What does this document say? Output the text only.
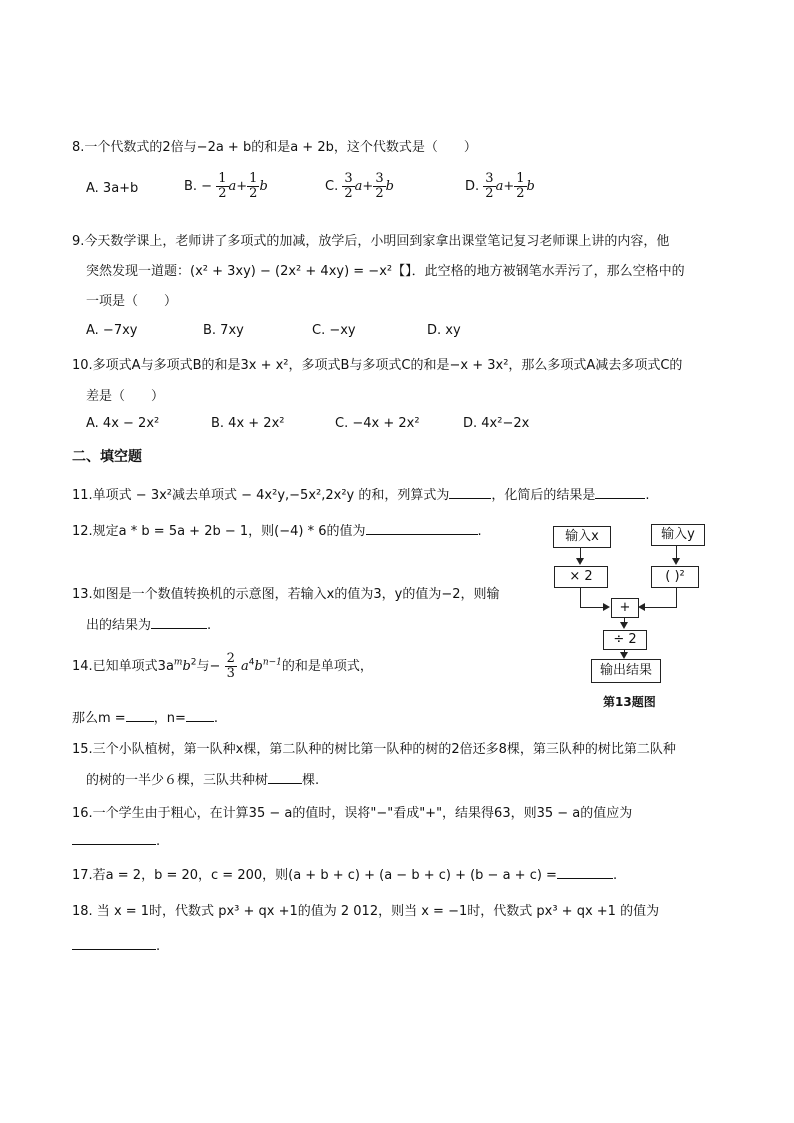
8.一个代数式的2倍与−2a + b的和是a + 2b，这个代数式是（　　）
A. 3a+b	B. − $\frac{1}{2} a+ \frac{1}{2}$ b	C. $\frac{3}{2} a+ \frac{3}{2}$ b	D. $\frac{3}{2} a+ \frac{1}{2}$ b
9.今天数学课上，老师讲了多项式的加减，放学后，小明回到家拿出课堂笔记复习老师课上讲的内容，他
突然发现一道题：(x² + 3xy) − (2x² + 4xy) = −x²【】．此空格的地方被钢笔水弄污了，那么空格中的
一项是（　　）
A. −7xy	B. 7xy	C. −xy	D. xy
10.多项式A与多项式B的和是3x + x²，多项式B与多项式C的和是−x + 3x²，那么多项式A减去多项式C的
差是（　　）
A. 4x − 2x²	B. 4x + 2x²	C. −4x + 2x²	D. 4x²−2x
二、填空题
11.单项式 − 3x²减去单项式 − 4x²y,−5x²,2x²y 的和，列算式为	，化简后的结果是	.
12.规定a * b = 5a + 2b − 1，则(−4) * 6的值为	.
13.如图是一个数值转换机的示意图，若输入x的值为3，y的值为−2，则输
出的结果为	.
14.已知单项式$3a^mb^2$与− $\frac{2}{3} a^4b^{n-1}$的和是单项式，
那么m = ，n= .
15.三个小队植树，第一队种x棵，第二队种的树比第一队种的树的2倍还多8棵，第三队种的树比第二队种
的树的一半少６棵，三队共种树	棵.
16.一个学生由于粗心，在计算35 − a的值时，误将"−"看成"+"，结果得63，则35 − a的值应为
.
17.若a = 2，b = 20，c = 200，则(a + b + c) + (a − b + c) + (b − a + c) =	.
18. 当 x = 1时，代数式 px³ + qx +1的值为 2 012，则当 x = −1时，代数式 px³ + qx +1 的值为
.
输入x	输入y
× 2	( )²
+
÷ 2
输出结果
第13题图
